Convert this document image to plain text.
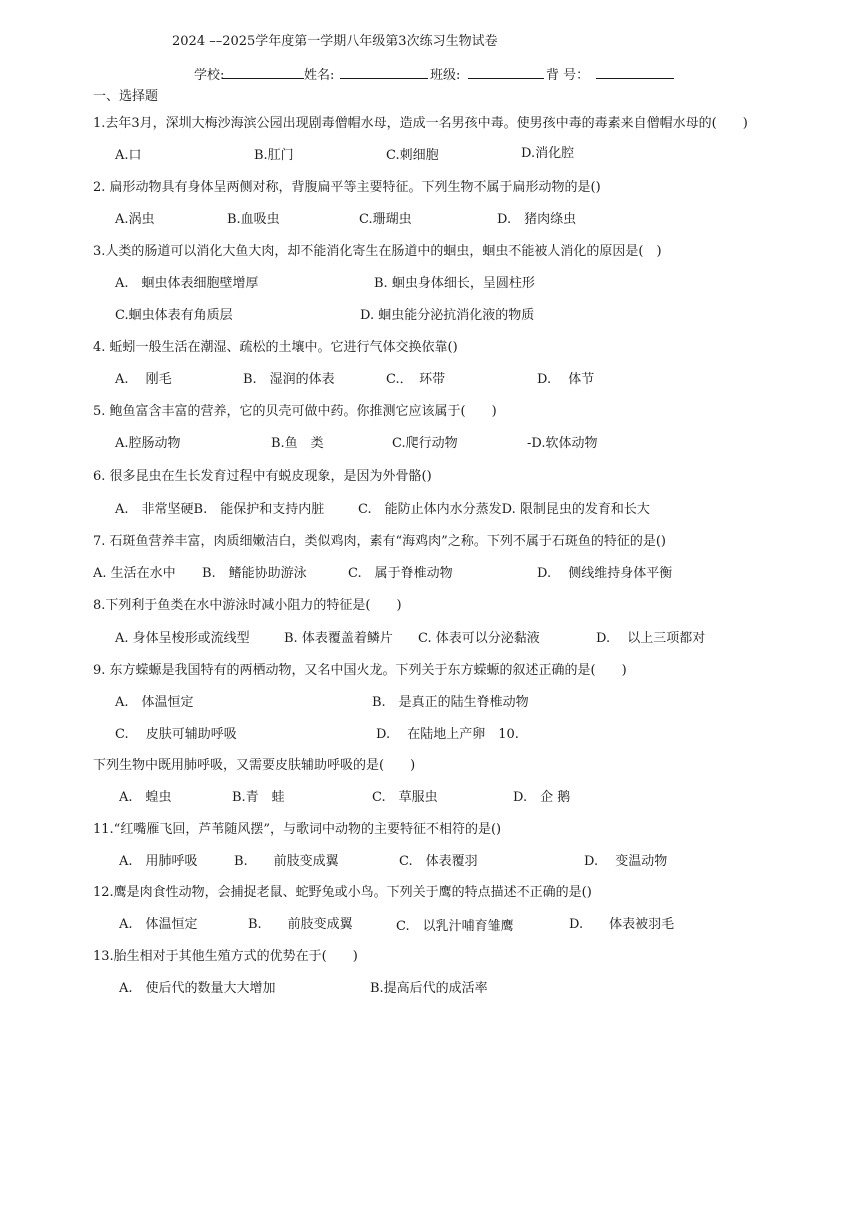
2024 ––2025学年度第一学期八年级第3次练习生物试卷
学校:	姓名:	班级:	背 号：
一、选择题
1.去年3月，深圳大梅沙海滨公园出现剧毒僧帽水母，造成一名男孩中毒。使男孩中毒的毒素来自僧帽水母的(　　)
A.口	B.肛门	C.刺细胞	D.消化腔
2. 扁形动物具有身体呈两侧对称，背腹扁平等主要特征。下列生物不属于扁形动物的是()
A.涡虫	B.血吸虫	C.珊瑚虫	D.　猪肉绦虫
3.人类的肠道可以消化大鱼大肉，却不能消化寄生在肠道中的蛔虫，蛔虫不能被人消化的原因是(　)
A.　蛔虫体表细胞壁增厚	B. 蛔虫身体细长，呈圆柱形
C.蛔虫体表有角质层	D. 蛔虫能分泌抗消化液的物质
4. 蚯蚓一般生活在潮湿、疏松的土壤中。它进行气体交换依靠()
A.　 刚毛	B.　湿润的体表	C.．　环带	D.　 体节
5. 鲍鱼富含丰富的营养，它的贝壳可做中药。你推测它应该属于(　　)
A.腔肠动物	B.鱼　类	C.爬行动物	-D.软体动物
6. 很多昆虫在生长发育过程中有蜕皮现象，是因为外骨骼()
A.　非常坚硬B.　能保护和支持内脏	C.　能防止体内水分蒸发D. 限制昆虫的发育和长大
7. 石斑鱼营养丰富，肉质细嫩洁白，类似鸡肉，素有“海鸡肉”之称。下列不属于石斑鱼的特征的是()
A. 生活在水中 B.　鳍能协助游泳	C.　属于脊椎动物	D.　 侧线维持身体平衡
8.下列利于鱼类在水中游泳时减小阻力的特征是(　　)
A. 身体呈梭形或流线型	B. 体表覆盖着鳞片 C. 体表可以分泌黏液	D.　 以上三项都对
9. 东方蝾螈是我国特有的两栖动物，又名中国火龙。下列关于东方蝾螈的叙述正确的是(　　)
A.　体温恒定	B.　是真正的陆生脊椎动物
C.　 皮肤可辅助呼吸	D.　 在陆地上产卵　10.
下列生物中既用肺呼吸，又需要皮肤辅助呼吸的是(　　)
A.　蝗虫	B.青　蛙	C.　草服虫	D.　企 鹅
11.“红嘴雁飞回，芦苇随风摆”，与歌词中动物的主要特征不相符的是()
A.　用肺呼吸	B.　　前肢变成翼	C.　体表覆羽	D.　 变温动物
12.鹰是肉食性动物，会捕捉老鼠、蛇野兔或小鸟。下列关于鹰的特点描述不正确的是()
A.　体温恒定	B.　　前肢变成翼	C.　以乳汁哺育雏鹰	D.　　体表被羽毛
13.胎生相对于其他生殖方式的优势在于(　　)
A.　使后代的数量大大增加	B.提高后代的成活率
